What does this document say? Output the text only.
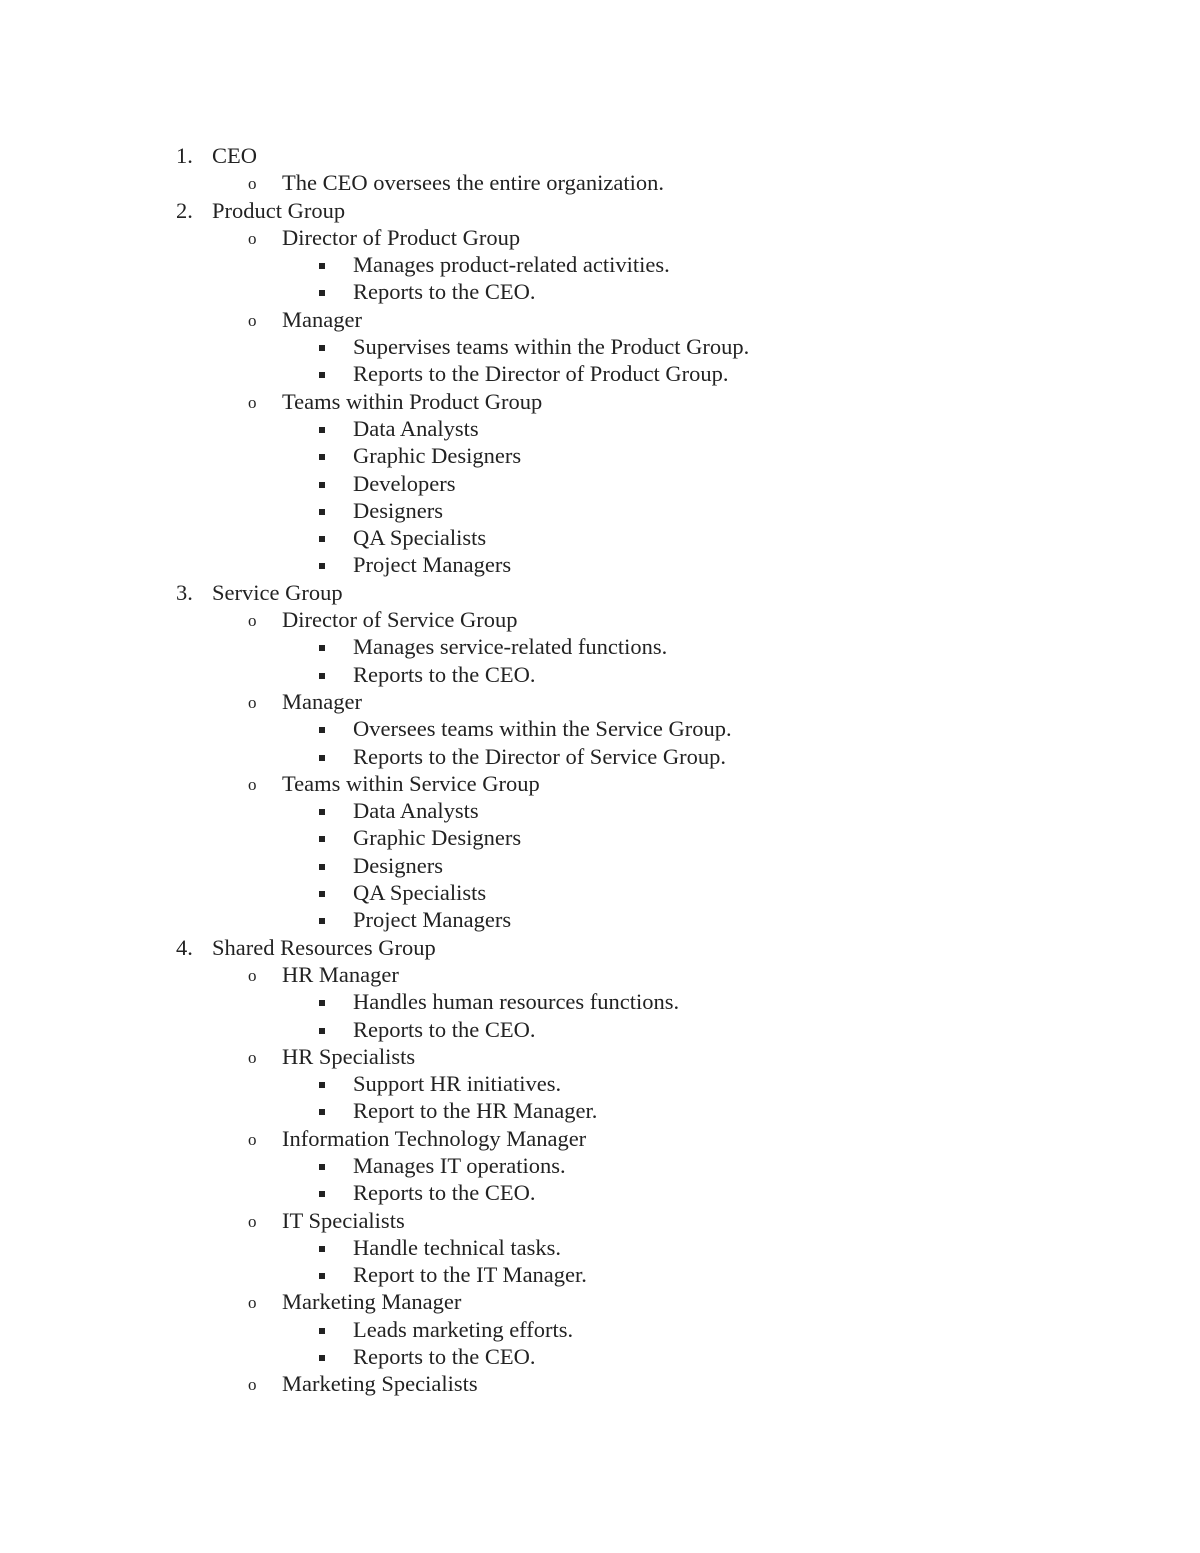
1. CEO
o The CEO oversees the entire organization.
2. Product Group
o Director of Product Group
Manages product-related activities.
Reports to the CEO.
o Manager
Supervises teams within the Product Group.
Reports to the Director of Product Group.
o Teams within Product Group
Data Analysts
Graphic Designers
Developers
Designers
QA Specialists
Project Managers
3. Service Group
o Director of Service Group
Manages service-related functions.
Reports to the CEO.
o Manager
Oversees teams within the Service Group.
Reports to the Director of Service Group.
o Teams within Service Group
Data Analysts
Graphic Designers
Designers
QA Specialists
Project Managers
4. Shared Resources Group
o HR Manager
Handles human resources functions.
Reports to the CEO.
o HR Specialists
Support HR initiatives.
Report to the HR Manager.
o Information Technology Manager
Manages IT operations.
Reports to the CEO.
o IT Specialists
Handle technical tasks.
Report to the IT Manager.
o Marketing Manager
Leads marketing efforts.
Reports to the CEO.
o Marketing Specialists
